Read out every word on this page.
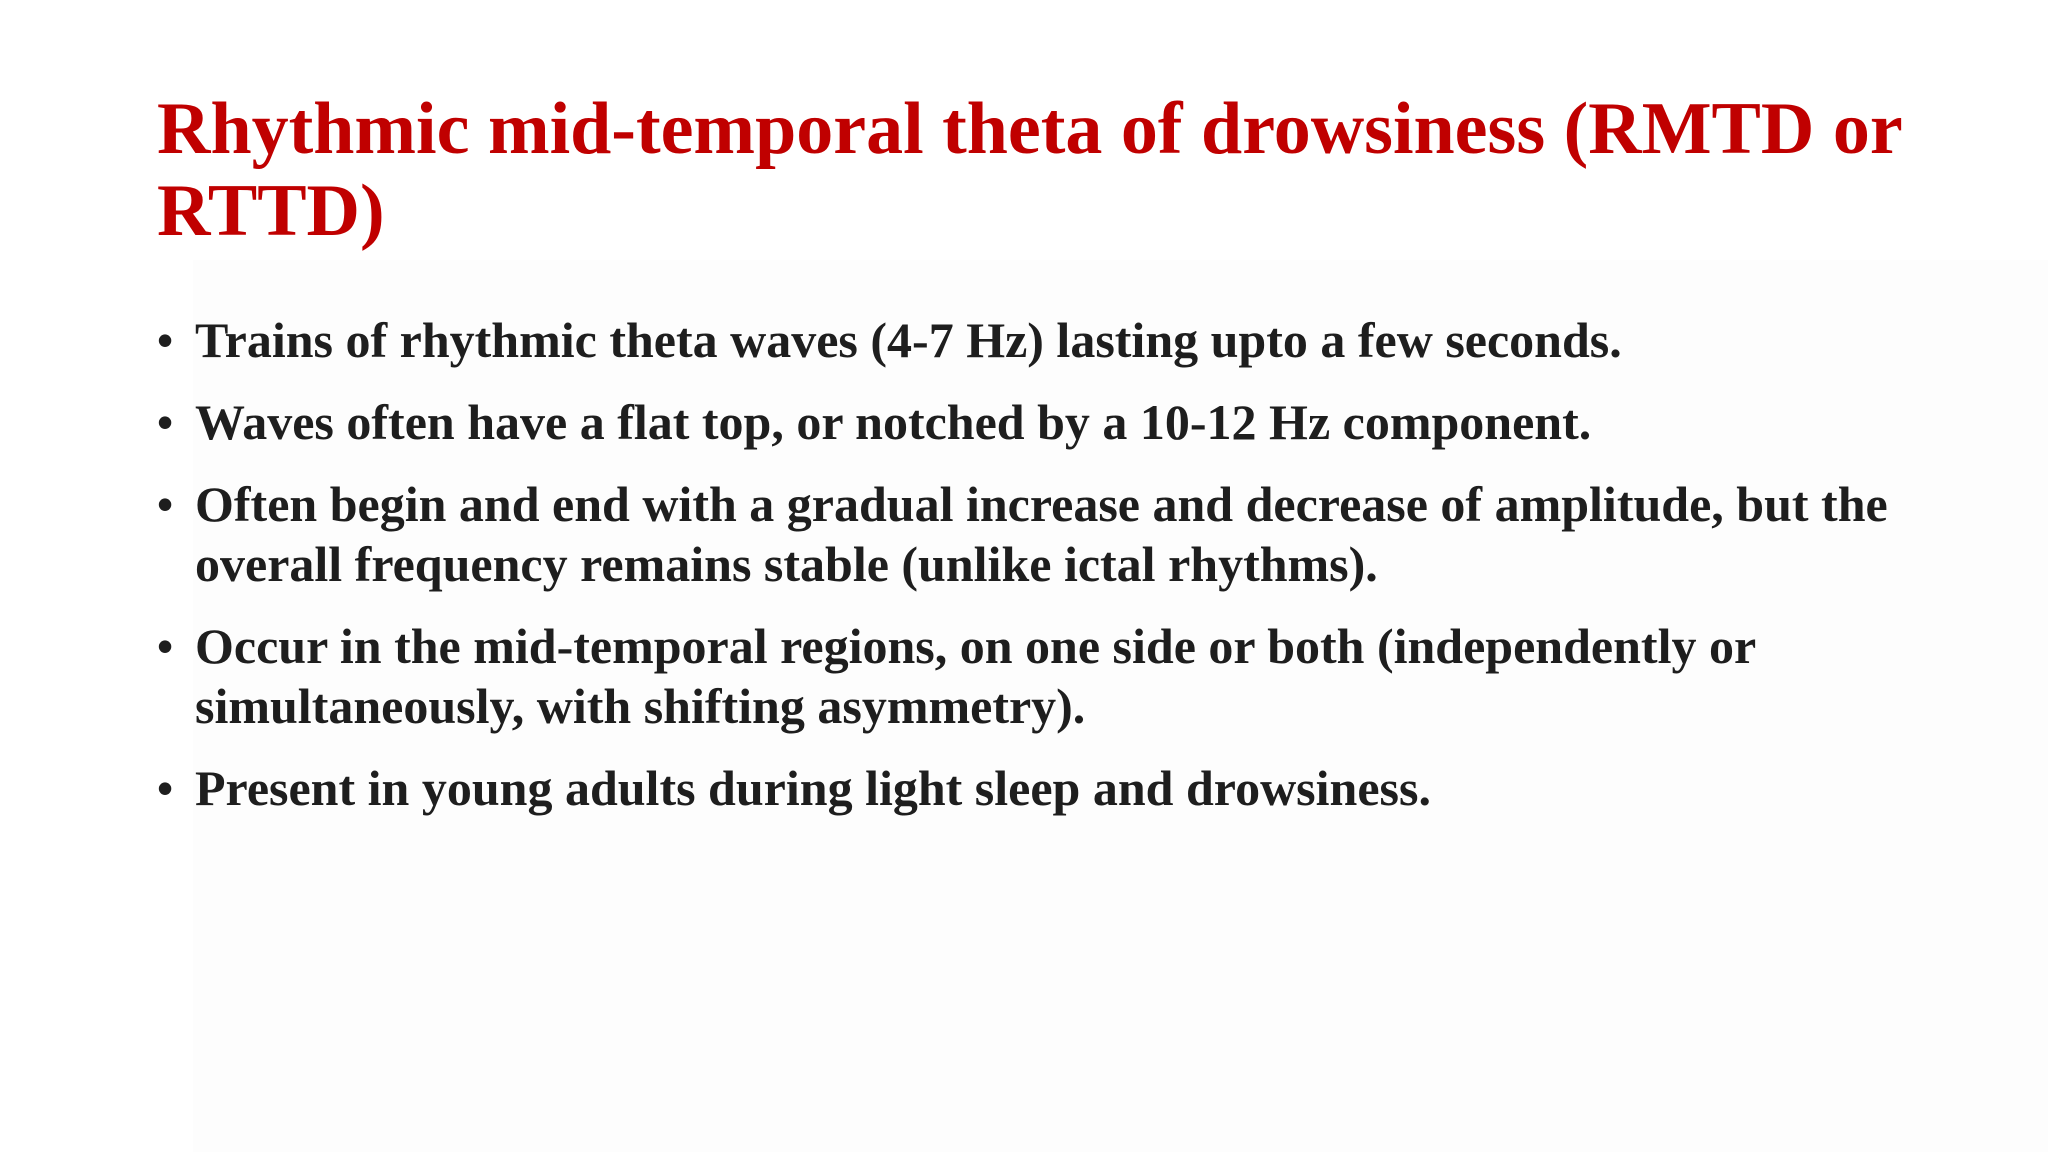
Rhythmic mid-temporal theta of drowsiness (RMTD or RTTD)
• Trains of rhythmic theta waves (4-7 Hz) lasting upto a few seconds.
• Waves often have a flat top, or notched by a 10-12 Hz component.
• Often begin and end with a gradual increase and decrease of amplitude, but the overall frequency remains stable (unlike ictal rhythms).
• Occur in the mid-temporal regions, on one side or both (independently or simultaneously, with shifting asymmetry).
• Present in young adults during light sleep and drowsiness.
